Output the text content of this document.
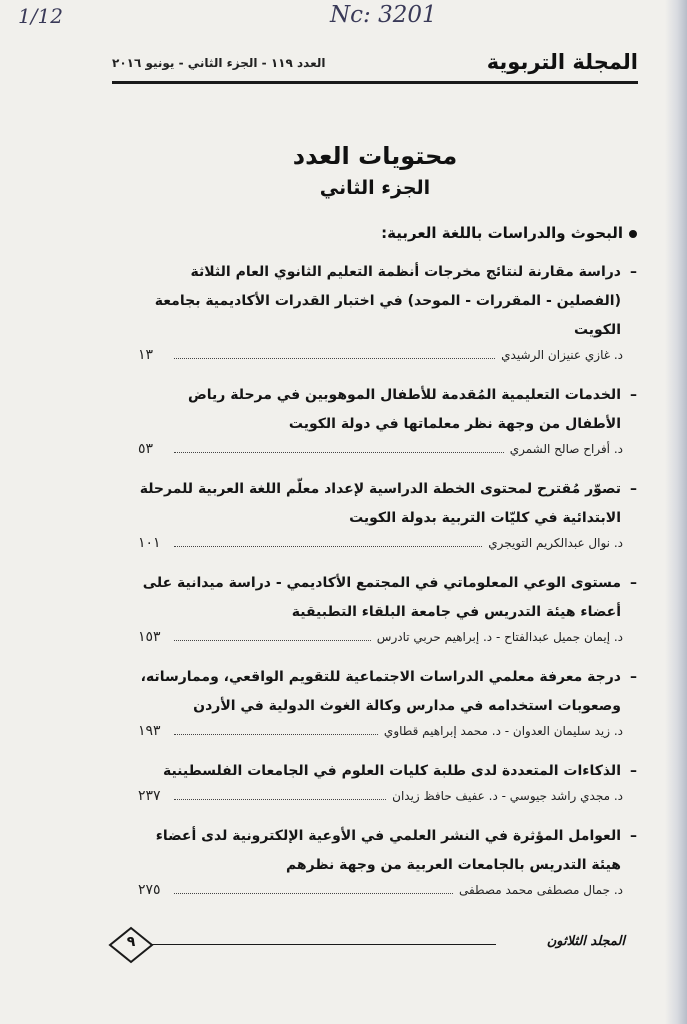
1/12	Nc: 3201
المجلة التربوية
العدد ١١٩ - الجزء الثاني - يونيو ٢٠١٦
محتويات العدد
الجزء الثاني
البحوث والدراسات باللغة العربية:
–
دراسة مقارنة لنتائج مخرجات أنظمة التعليم الثانوي العام الثلاثة (الفصلين - المقررات - الموحد) في اختبار القدرات الأكاديمية بجامعة الكويت
د. غازي عنيزان الرشيدي
١٣
–
الخدمات التعليمية المُقدمة للأطفال الموهوبين في مرحلة رياض الأطفال من وجهة نظر معلماتها في دولة الكويت
د. أفراح صالح الشمري
٥٣
–
تصوّر مُقترح لمحتوى الخطة الدراسية لإعداد معلّم اللغة العربية للمرحلة الابتدائية في كليّات التربية بدولة الكويت
د. نوال عبدالكريم التويجري
١٠١
–
مستوى الوعي المعلوماتي في المجتمع الأكاديمي - دراسة ميدانية على أعضاء هيئة التدريس في جامعة البلقاء التطبيقية
د. إيمان جميل عبدالفتاح - د. إبراهيم حربي تادرس
١٥٣
–
درجة معرفة معلمي الدراسات الاجتماعية للتقويم الواقعي، وممارساته، وصعوبات استخدامه في مدارس وكالة الغوث الدولية في الأردن
د. زيد سليمان العدوان - د. محمد إبراهيم قطاوي
١٩٣
–
الذكاءات المتعددة لدى طلبة كليات العلوم في الجامعات الفلسطينية
د. مجدي راشد جيوسي - د. عفيف حافظ زيدان
٢٣٧
–
العوامل المؤثرة في النشر العلمي في الأوعية الإلكترونية لدى أعضاء هيئة التدريس بالجامعات العربية من وجهة نظرهم
د. جمال مصطفى محمد مصطفى
٢٧٥
المجلد الثلاثون
٩
